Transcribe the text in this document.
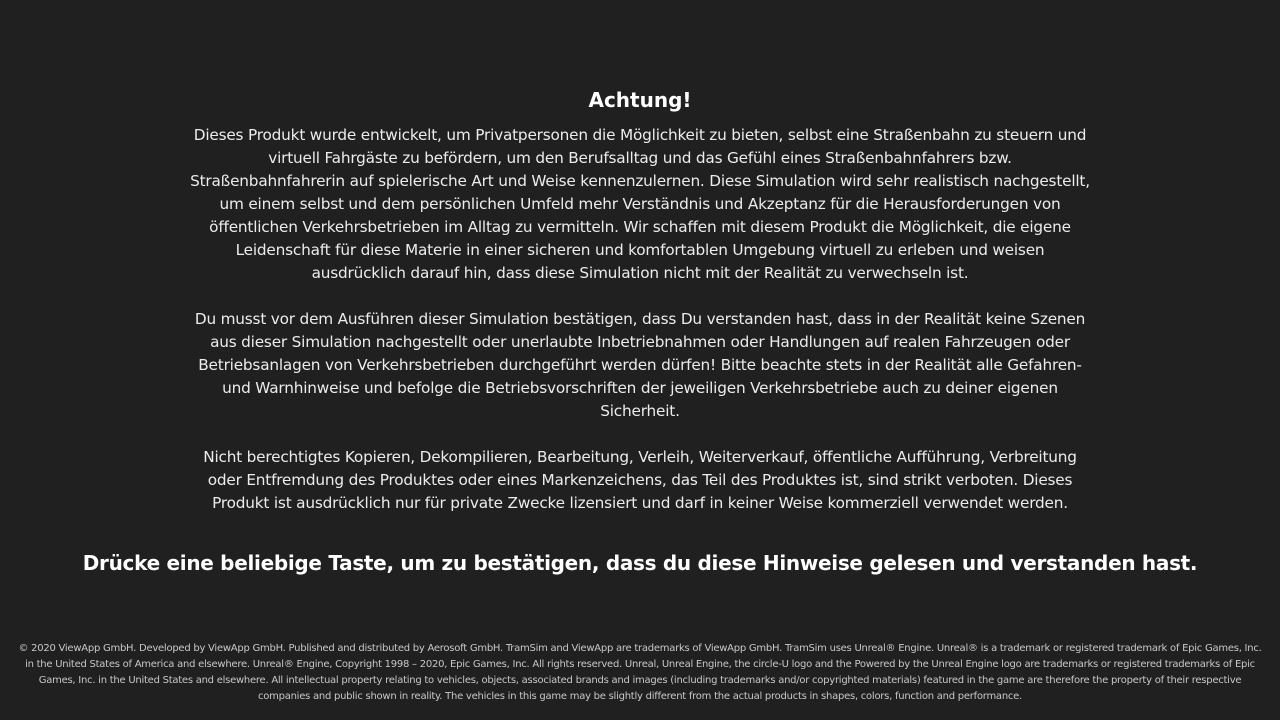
Achtung!

Dieses Produkt wurde entwickelt, um Privatpersonen die Möglichkeit zu bieten, selbst eine Straßenbahn zu steuern und virtuell Fahrgäste zu befördern, um den Berufsalltag und das Gefühl eines Straßenbahnfahrers bzw. Straßenbahnfahrerin auf spielerische Art und Weise kennenzulernen. Diese Simulation wird sehr realistisch nachgestellt, um einem selbst und dem persönlichen Umfeld mehr Verständnis und Akzeptanz für die Herausforderungen von öffentlichen Verkehrsbetrieben im Alltag zu vermitteln. Wir schaffen mit diesem Produkt die Möglichkeit, die eigene Leidenschaft für diese Materie in einer sicheren und komfortablen Umgebung virtuell zu erleben und weisen ausdrücklich darauf hin, dass diese Simulation nicht mit der Realität zu verwechseln ist.

Du musst vor dem Ausführen dieser Simulation bestätigen, dass Du verstanden hast, dass in der Realität keine Szenen aus dieser Simulation nachgestellt oder unerlaubte Inbetriebnahmen oder Handlungen auf realen Fahrzeugen oder Betriebsanlagen von Verkehrsbetrieben durchgeführt werden dürfen! Bitte beachte stets in der Realität alle Gefahren- und Warnhinweise und befolge die Betriebsvorschriften der jeweiligen Verkehrsbetriebe auch zu deiner eigenen Sicherheit.

Nicht berechtigtes Kopieren, Dekompilieren, Bearbeitung, Verleih, Weiterverkauf, öffentliche Aufführung, Verbreitung oder Entfremdung des Produktes oder eines Markenzeichens, das Teil des Produktes ist, sind strikt verboten. Dieses Produkt ist ausdrücklich nur für private Zwecke lizensiert und darf in keiner Weise kommerziell verwendet werden.

Drücke eine beliebige Taste, um zu bestätigen, dass du diese Hinweise gelesen und verstanden hast.
© 2020 ViewApp GmbH. Developed by ViewApp GmbH. Published and distributed by Aerosoft GmbH. TramSim and ViewApp are trademarks of ViewApp GmbH. TramSim uses Unreal® Engine. Unreal® is a trademark or registered trademark of Epic Games, Inc. in the United States of America and elsewhere. Unreal® Engine, Copyright 1998 – 2020, Epic Games, Inc. All rights reserved. Unreal, Unreal Engine, the circle-U logo and the Powered by the Unreal Engine logo are trademarks or registered trademarks of Epic Games, Inc. in the United States and elsewhere. All intellectual property relating to vehicles, objects, associated brands and images (including trademarks and/or copyrighted materials) featured in the game are therefore the property of their respective companies and public shown in reality. The vehicles in this game may be slightly different from the actual products in shapes, colors, function and performance.
